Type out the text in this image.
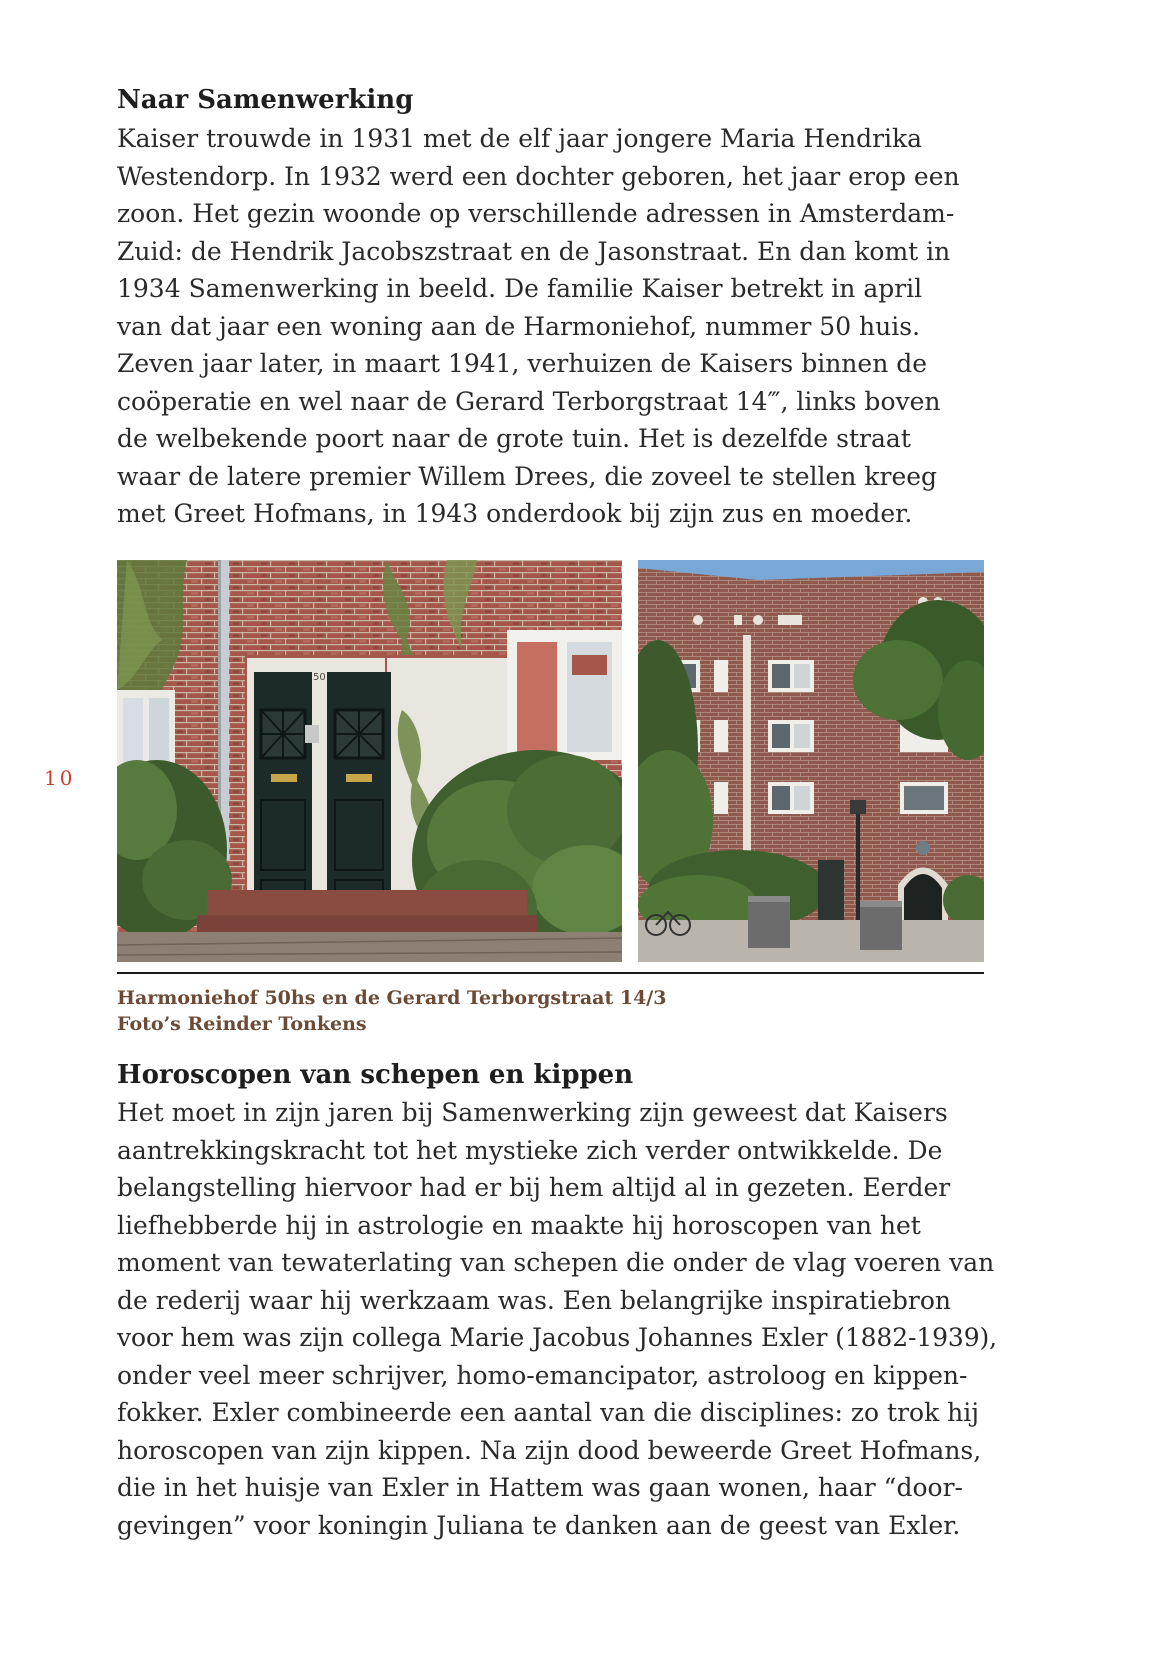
Naar Samenwerking

Kaiser trouwde in 1931 met de elf jaar jongere Maria Hendrika
Westendorp. In 1932 werd een dochter geboren, het jaar erop een
zoon. Het gezin woonde op verschillende adressen in Amsterdam-
Zuid: de Hendrik Jacobszstraat en de Jasonstraat. En dan komt in
1934 Samenwerking in beeld. De familie Kaiser betrekt in april
van dat jaar een woning aan de Harmoniehof, nummer 50 huis.
Zeven jaar later, in maart 1941, verhuizen de Kaisers binnen de
coöperatie en wel naar de Gerard Terborgstraat 14‴, links boven
de welbekende poort naar de grote tuin. Het is dezelfde straat
waar de latere premier Willem Drees, die zoveel te stellen kreeg
met Greet Hofmans, in 1943 onderdook bij zijn zus en moeder.

10
50
Harmoniehof 50hs en de Gerard Terborgstraat 14/3
Foto’s Reinder Tonkens
Horoscopen van schepen en kippen

Het moet in zijn jaren bij Samenwerking zijn geweest dat Kaisers
aantrekkingskracht tot het mystieke zich verder ontwikkelde. De
belangstelling hiervoor had er bij hem altijd al in gezeten. Eerder
liefhebberde hij in astrologie en maakte hij horoscopen van het
moment van tewaterlating van schepen die onder de vlag voeren van
de rederij waar hij werkzaam was. Een belangrijke inspiratiebron
voor hem was zijn collega Marie Jacobus Johannes Exler (1882-1939),
onder veel meer schrijver, homo-emancipator, astroloog en kippen-
fokker. Exler combineerde een aantal van die disciplines: zo trok hij
horoscopen van zijn kippen. Na zijn dood beweerde Greet Hofmans,
die in het huisje van Exler in Hattem was gaan wonen, haar “door-
gevingen” voor koningin Juliana te danken aan de geest van Exler.
